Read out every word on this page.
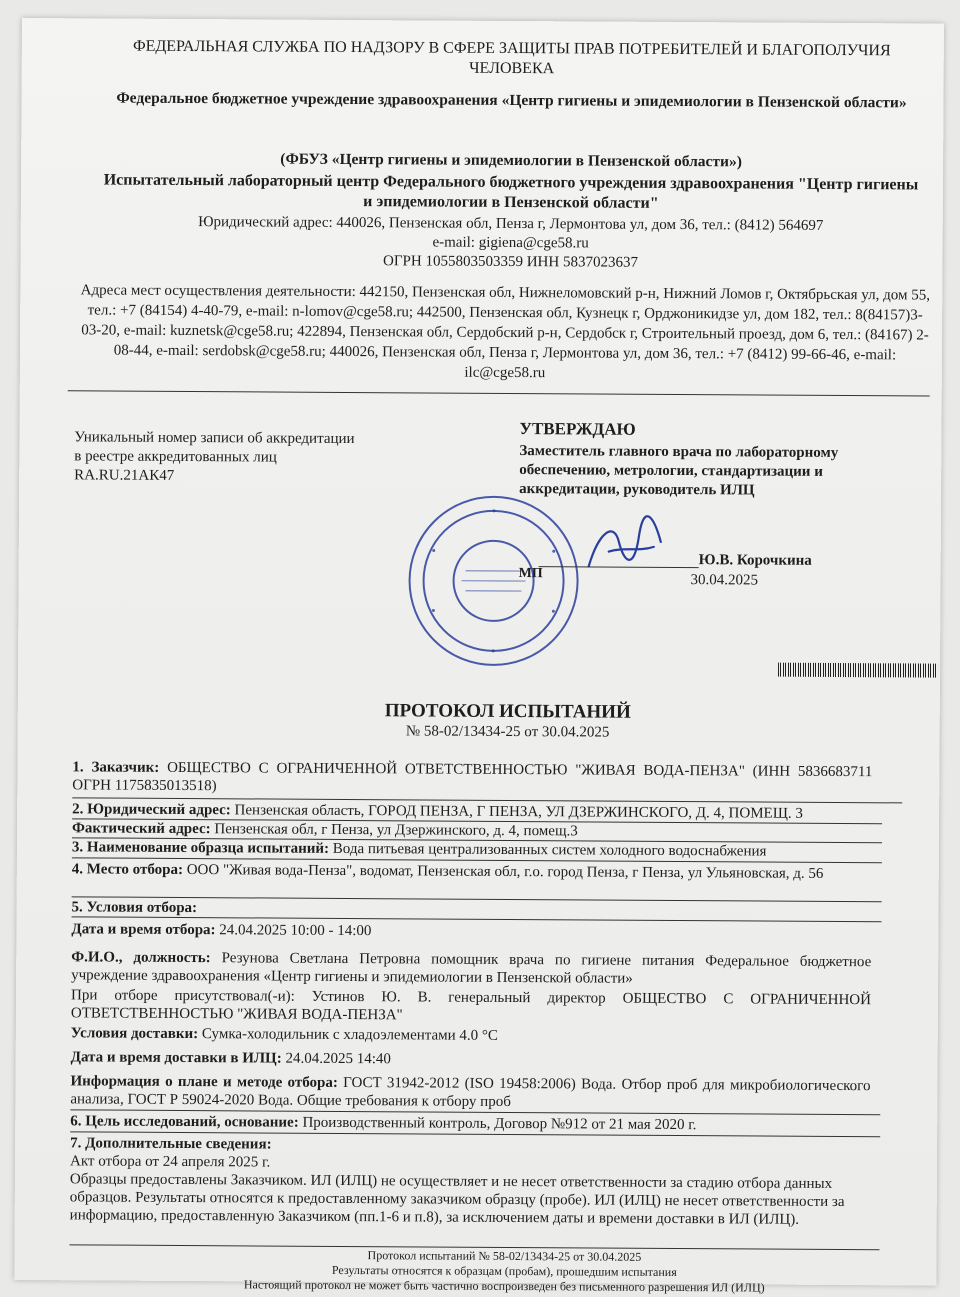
ФЕДЕРАЛЬНАЯ СЛУЖБА ПО НАДЗОРУ В СФЕРЕ ЗАЩИТЫ ПРАВ ПОТРЕБИТЕЛЕЙ И БЛАГОПОЛУЧИЯ ЧЕЛОВЕКА
Федеральное бюджетное учреждение здравоохранения «Центр гигиены и эпидемиологии в Пензенской области»
(ФБУЗ «Центр гигиены и эпидемиологии в Пензенской области»)
Испытательный лабораторный центр Федерального бюджетного учреждения здравоохранения "Центр гигиены и эпидемиологии в Пензенской области"
Юридический адрес: 440026, Пензенская обл, Пенза г, Лермонтова ул, дом 36, тел.: (8412) 564697
e-mail: gigiena@cge58.ru
ОГРН 1055803503359 ИНН 5837023637
Адреса мест осуществления деятельности: 442150, Пензенская обл, Нижнеломовский р-н, Нижний Ломов г, Октябрьская ул, дом 55, тел.: +7 (84154) 4-40-79, e-mail: n-lomov@cge58.ru; 442500, Пензенская обл, Кузнецк г, Орджоникидзе ул, дом 182, тел.: 8(84157)3-03-20, e-mail: kuznetsk@cge58.ru; 422894, Пензенская обл, Сердобский р-н, Сердобск г, Строительный проезд, дом 6, тел.: (84167) 2-08-44, e-mail: serdobsk@cge58.ru; 440026, Пензенская обл, Пенза г, Лермонтова ул, дом 36, тел.: +7 (8412) 99-66-46, e-mail: ilc@cge58.ru
Уникальный номер записи об аккредитации
в реестре аккредитованных лиц
RA.RU.21АК47
УТВЕРЖДАЮ
Заместитель главного врача по лабораторному обеспечению, метрологии, стандартизации и аккредитации, руководитель ИЛЦ
МП
Ю.В. Корочкина
30.04.2025
ПРОТОКОЛ ИСПЫТАНИЙ
№ 58-02/13434-25 от 30.04.2025
1. Заказчик: ОБЩЕСТВО С ОГРАНИЧЕННОЙ ОТВЕТСТВЕННОСТЬЮ "ЖИВАЯ ВОДА-ПЕНЗА" (ИНН 5836683711 ОГРН 1175835013518)
2. Юридический адрес: Пензенская область, ГОРОД ПЕНЗА, Г ПЕНЗА, УЛ ДЗЕРЖИНСКОГО, Д. 4, ПОМЕЩ. 3
Фактический адрес: Пензенская обл, г Пенза, ул Дзержинского, д. 4, помещ.3
3. Наименование образца испытаний: Вода питьевая централизованных систем холодного водоснабжения
4. Место отбора: ООО "Живая вода-Пенза", водомат, Пензенская обл, г.о. город Пенза, г Пенза, ул Ульяновская, д. 56
5. Условия отбора:
Дата и время отбора: 24.04.2025 10:00 - 14:00
Ф.И.О., должность: Резунова Светлана Петровна помощник врача по гигиене питания Федеральное бюджетное учреждение здравоохранения «Центр гигиены и эпидемиологии в Пензенской области»
При отборе присутствовал(-и): Устинов Ю. В. генеральный директор ОБЩЕСТВО С ОГРАНИЧЕННОЙ ОТВЕТСТВЕННОСТЬЮ "ЖИВАЯ ВОДА-ПЕНЗА"
Условия доставки: Сумка-холодильник с хладоэлементами 4.0 °С
Дата и время доставки в ИЛЦ: 24.04.2025 14:40
Информация о плане и методе отбора: ГОСТ 31942-2012 (ISO 19458:2006) Вода. Отбор проб для микробиологического анализа, ГОСТ Р 59024-2020 Вода. Общие требования к отбору проб
6. Цель исследований, основание: Производственный контроль, Договор №912 от 21 мая 2020 г.
7. Дополнительные сведения:
Акт отбора от 24 апреля 2025 г.
Образцы предоставлены Заказчиком. ИЛ (ИЛЦ) не осуществляет и не несет ответственности за стадию отбора данных образцов. Результаты относятся к предоставленному заказчиком образцу (пробе). ИЛ (ИЛЦ) не несет ответственности за информацию, предоставленную Заказчиком (пп.1-6 и п.8), за исключением даты и времени доставки в ИЛ (ИЛЦ).
Протокол испытаний № 58-02/13434-25 от 30.04.2025
Результаты относятся к образцам (пробам), прошедшим испытания
Настоящий протокол не может быть частично воспроизведен без письменного разрешения ИЛ (ИЛЦ)
